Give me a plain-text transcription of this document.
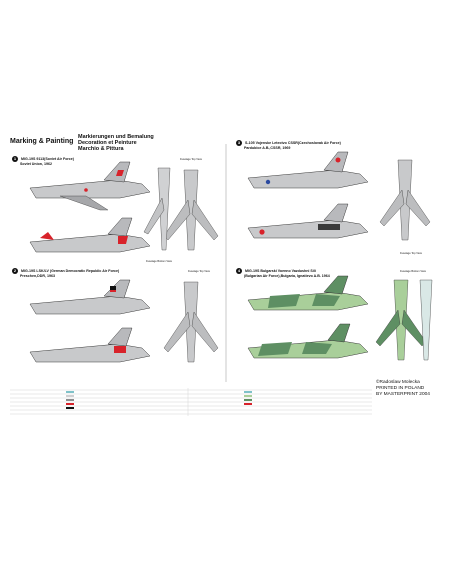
Marking & Painting
Markierungen und Bemalung
Decoration et Peinture
Marchio & Pittura
1 MIG-19S 9113(Soviet Air Force)
Soviet Union, 1962
3 S-105 Vojenske Letectvo CSSR(Czechoslovak Air Force)
Pardubice A.B.,CSSR, 1969
2 MIG-19S LSK/LV (German Democratic Republic Air Force)
Preschen,DDR, 1963
4 MIG-19S Bulgarski Voenno Vazdushni Sili
(Bulgarian Air Force),Bulgaria, Ignatievo A.B. 1964
Fuselage Top View
Fuselage Bottom View
Fuselage Top View
Fuselage Top View	Fuselage Bottom View
©Radoslaw Molecka
PRINTED IN POLAND
BY MASTERPRINT 2004
